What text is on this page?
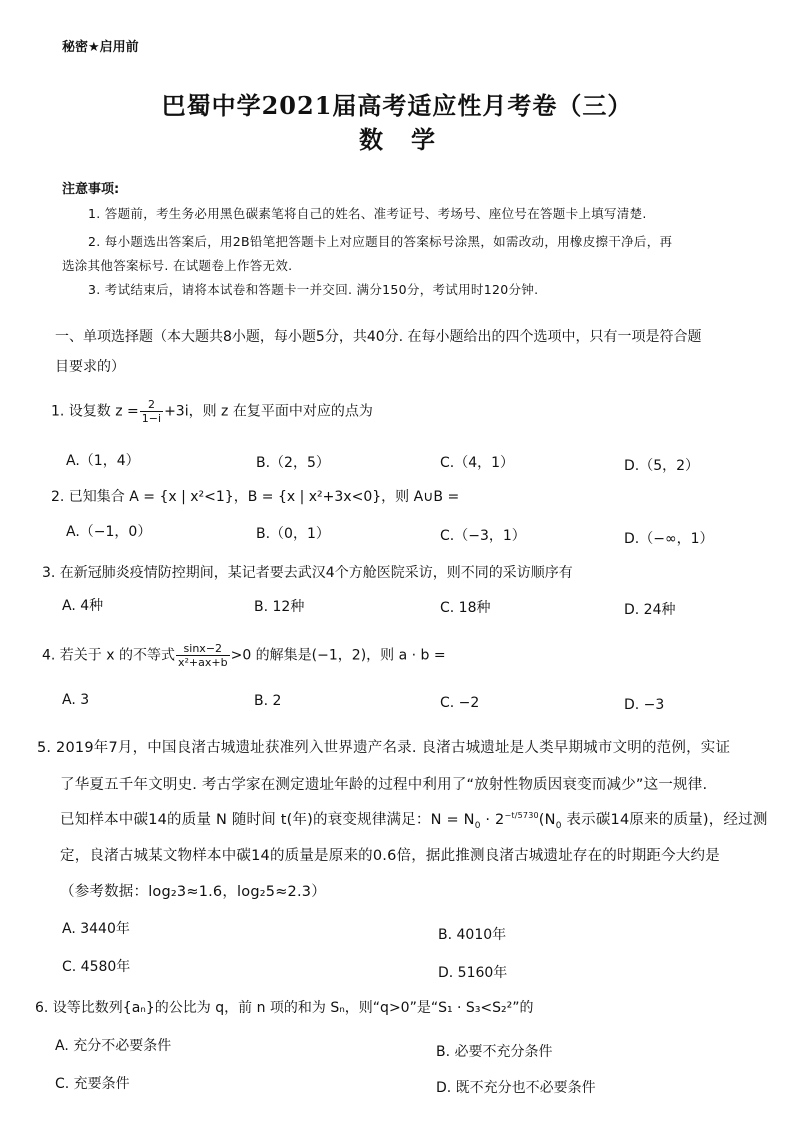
秘密★启用前
巴蜀中学2021届高考适应性月考卷（三）
数学
注意事项:
1. 答题前，考生务必用黑色碳素笔将自己的姓名、准考证号、考场号、座位号在答题卡上填写清楚.
2. 每小题选出答案后，用2B铅笔把答题卡上对应题目的答案标号涂黑，如需改动，用橡皮擦干净后，再
选涂其他答案标号. 在试题卷上作答无效.
3. 考试结束后，请将本试卷和答题卡一并交回. 满分150分，考试用时120分钟.
一、单项选择题（本大题共8小题，每小题5分，共40分. 在每小题给出的四个选项中，只有一项是符合题
目要求的）
1. 设复数 $z = \frac{2}{1-i} +3i$，则 z 在复平面中对应的点为
A.（1，4）	B.（2，5）	C.（4，1）	D.（5，2）
2. 已知集合 A = {x | x²<1}，B = {x | x²+3x<0}，则 A∪B =
A.（−1，0）	B.（0，1）	C.（−3，1）	D.（−∞，1）
3. 在新冠肺炎疫情防控期间，某记者要去武汉4个方舱医院采访，则不同的采访顺序有
A. 4种	B. 12种	C. 18种	D. 24种
4. 若关于 x 的不等式 $\frac{\sin x-2}{\text{x²+ax+b}} >0$ 的解集是(−1，2)，则 a · b =
A. 3	B. 2	C. −2	D. −3
5. 2019年7月，中国良渚古城遗址获准列入世界遗产名录. 良渚古城遗址是人类早期城市文明的范例，实证
了华夏五千年文明史. 考古学家在测定遗址年龄的过程中利用了“放射性物质因衰变而减少”这一规律.
已知样本中碳14的质量 N 随时间 t(年)的衰变规律满足：$N = N_0 \cdot 2^{-t/5730}(N_0$ 表示碳14原来的质量)，经过测
定，良渚古城某文物样本中碳14的质量是原来的0.6倍，据此推测良渚古城遗址存在的时期距今大约是
（参考数据：log₂3≈1.6，log₂5≈2.3）
A. 3440年	B. 4010年
C. 4580年	D. 5160年
6. 设等比数列{aₙ}的公比为 q，前 n 项的和为 Sₙ，则“q>0”是“S₁ · S₃<S₂²”的
A. 充分不必要条件	B. 必要不充分条件
C. 充要条件	D. 既不充分也不必要条件
